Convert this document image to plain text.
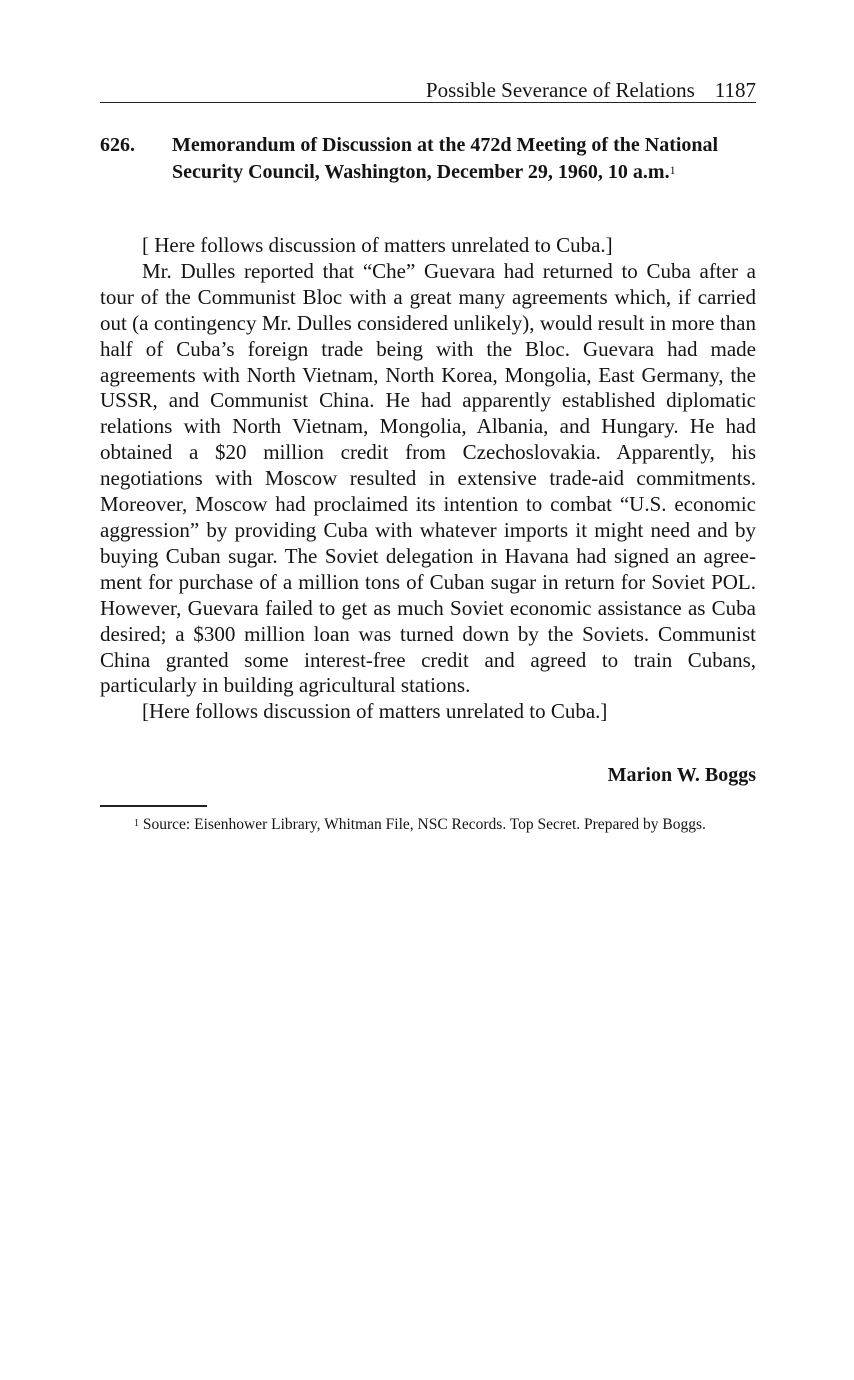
Possible Severance of Relations 1187
626. Memorandum of Discussion at the 472d Meeting of the National Security Council, Washington, December 29, 1960, 10 a.m.$^1$

[ Here follows discussion of matters unrelated to Cuba.]

Mr. Dulles reported that “Che” Guevara had returned to Cuba after a tour of the Communist Bloc with a great many agreements which, if carried out (a contingency Mr. Dulles considered unlikely), would result in more than half of Cuba’s foreign trade being with the Bloc. Guevara had made agreements with North Vietnam, North Korea, Mongolia, East Germany, the USSR, and Communist China. He had apparently established diplomatic relations with North Vietnam, Mongolia, Albania, and Hungary. He had obtained a $20 million credit from Czechoslovakia. Apparently, his negotiations with Moscow resulted in extensive trade-aid commitments. Moreover, Moscow had proclaimed its intention to combat “U.S. economic aggression” by providing Cuba with whatever imports it might need and by buying Cuban sugar. The Soviet delegation in Havana had signed an agreement for purchase of a million tons of Cuban sugar in return for Soviet POL. However, Guevara failed to get as much Soviet economic assistance as Cuba desired; a $300 million loan was turned down by the Soviets. Communist China granted some interest-free credit and agreed to train Cubans, particularly in building agricultural stations.

[Here follows discussion of matters unrelated to Cuba.]

Marion W. Boggs
$^1$ Source: Eisenhower Library, Whitman File, NSC Records. Top Secret. Prepared by Boggs.
